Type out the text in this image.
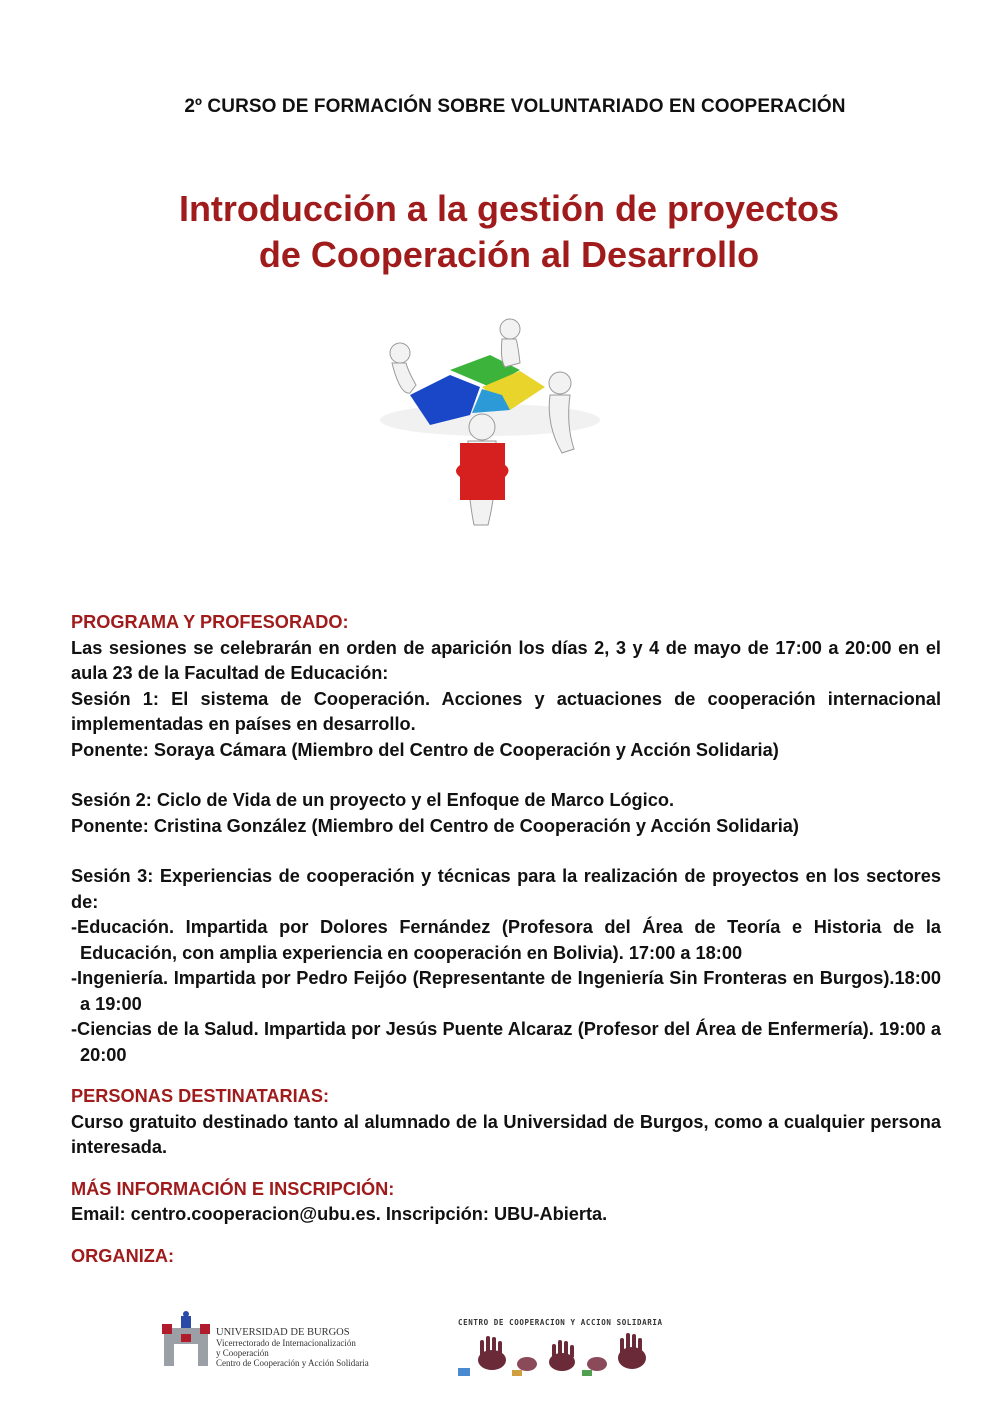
2º CURSO DE FORMACIÓN SOBRE VOLUNTARIADO EN COOPERACIÓN
Introducción a la gestión de proyectos
de Cooperación al Desarrollo

PROGRAMA Y PROFESORADO:

Las sesiones se celebrarán en orden de aparición los días 2, 3 y 4 de mayo de 17:00 a 20:00 en el aula 23 de la Facultad de Educación:

Sesión 1: El sistema de Cooperación. Acciones y actuaciones de cooperación internacional implementadas en países en desarrollo.

Ponente: Soraya Cámara (Miembro del Centro de Cooperación y Acción Solidaria)

Sesión 2: Ciclo de Vida de un proyecto y el Enfoque de Marco Lógico.

Ponente: Cristina González (Miembro del Centro de Cooperación y Acción Solidaria)

Sesión 3: Experiencias de cooperación y técnicas para la realización de proyectos en los sectores de:

-Educación. Impartida por Dolores Fernández (Profesora del Área de Teoría e Historia de la Educación, con amplia experiencia en cooperación en Bolivia). 17:00 a 18:00

-Ingeniería. Impartida por Pedro Feijóo (Representante de Ingeniería Sin Fronteras en Burgos).18:00 a 19:00

-Ciencias de la Salud. Impartida por Jesús Puente Alcaraz (Profesor del Área de Enfermería). 19:00 a 20:00

PERSONAS DESTINATARIAS:

Curso gratuito destinado tanto al alumnado de la Universidad de Burgos, como a cualquier persona interesada.

MÁS INFORMACIÓN E INSCRIPCIÓN:

Email: centro.cooperacion@ubu.es. Inscripción: UBU-Abierta.

ORGANIZA:

UNIVERSIDAD DE BURGOS
Vicerrectorado de Internacionalización
y Cooperación
Centro de Cooperación y Acción Solidaria
CENTRO DE COOPERACION Y ACCION SOLIDARIA
